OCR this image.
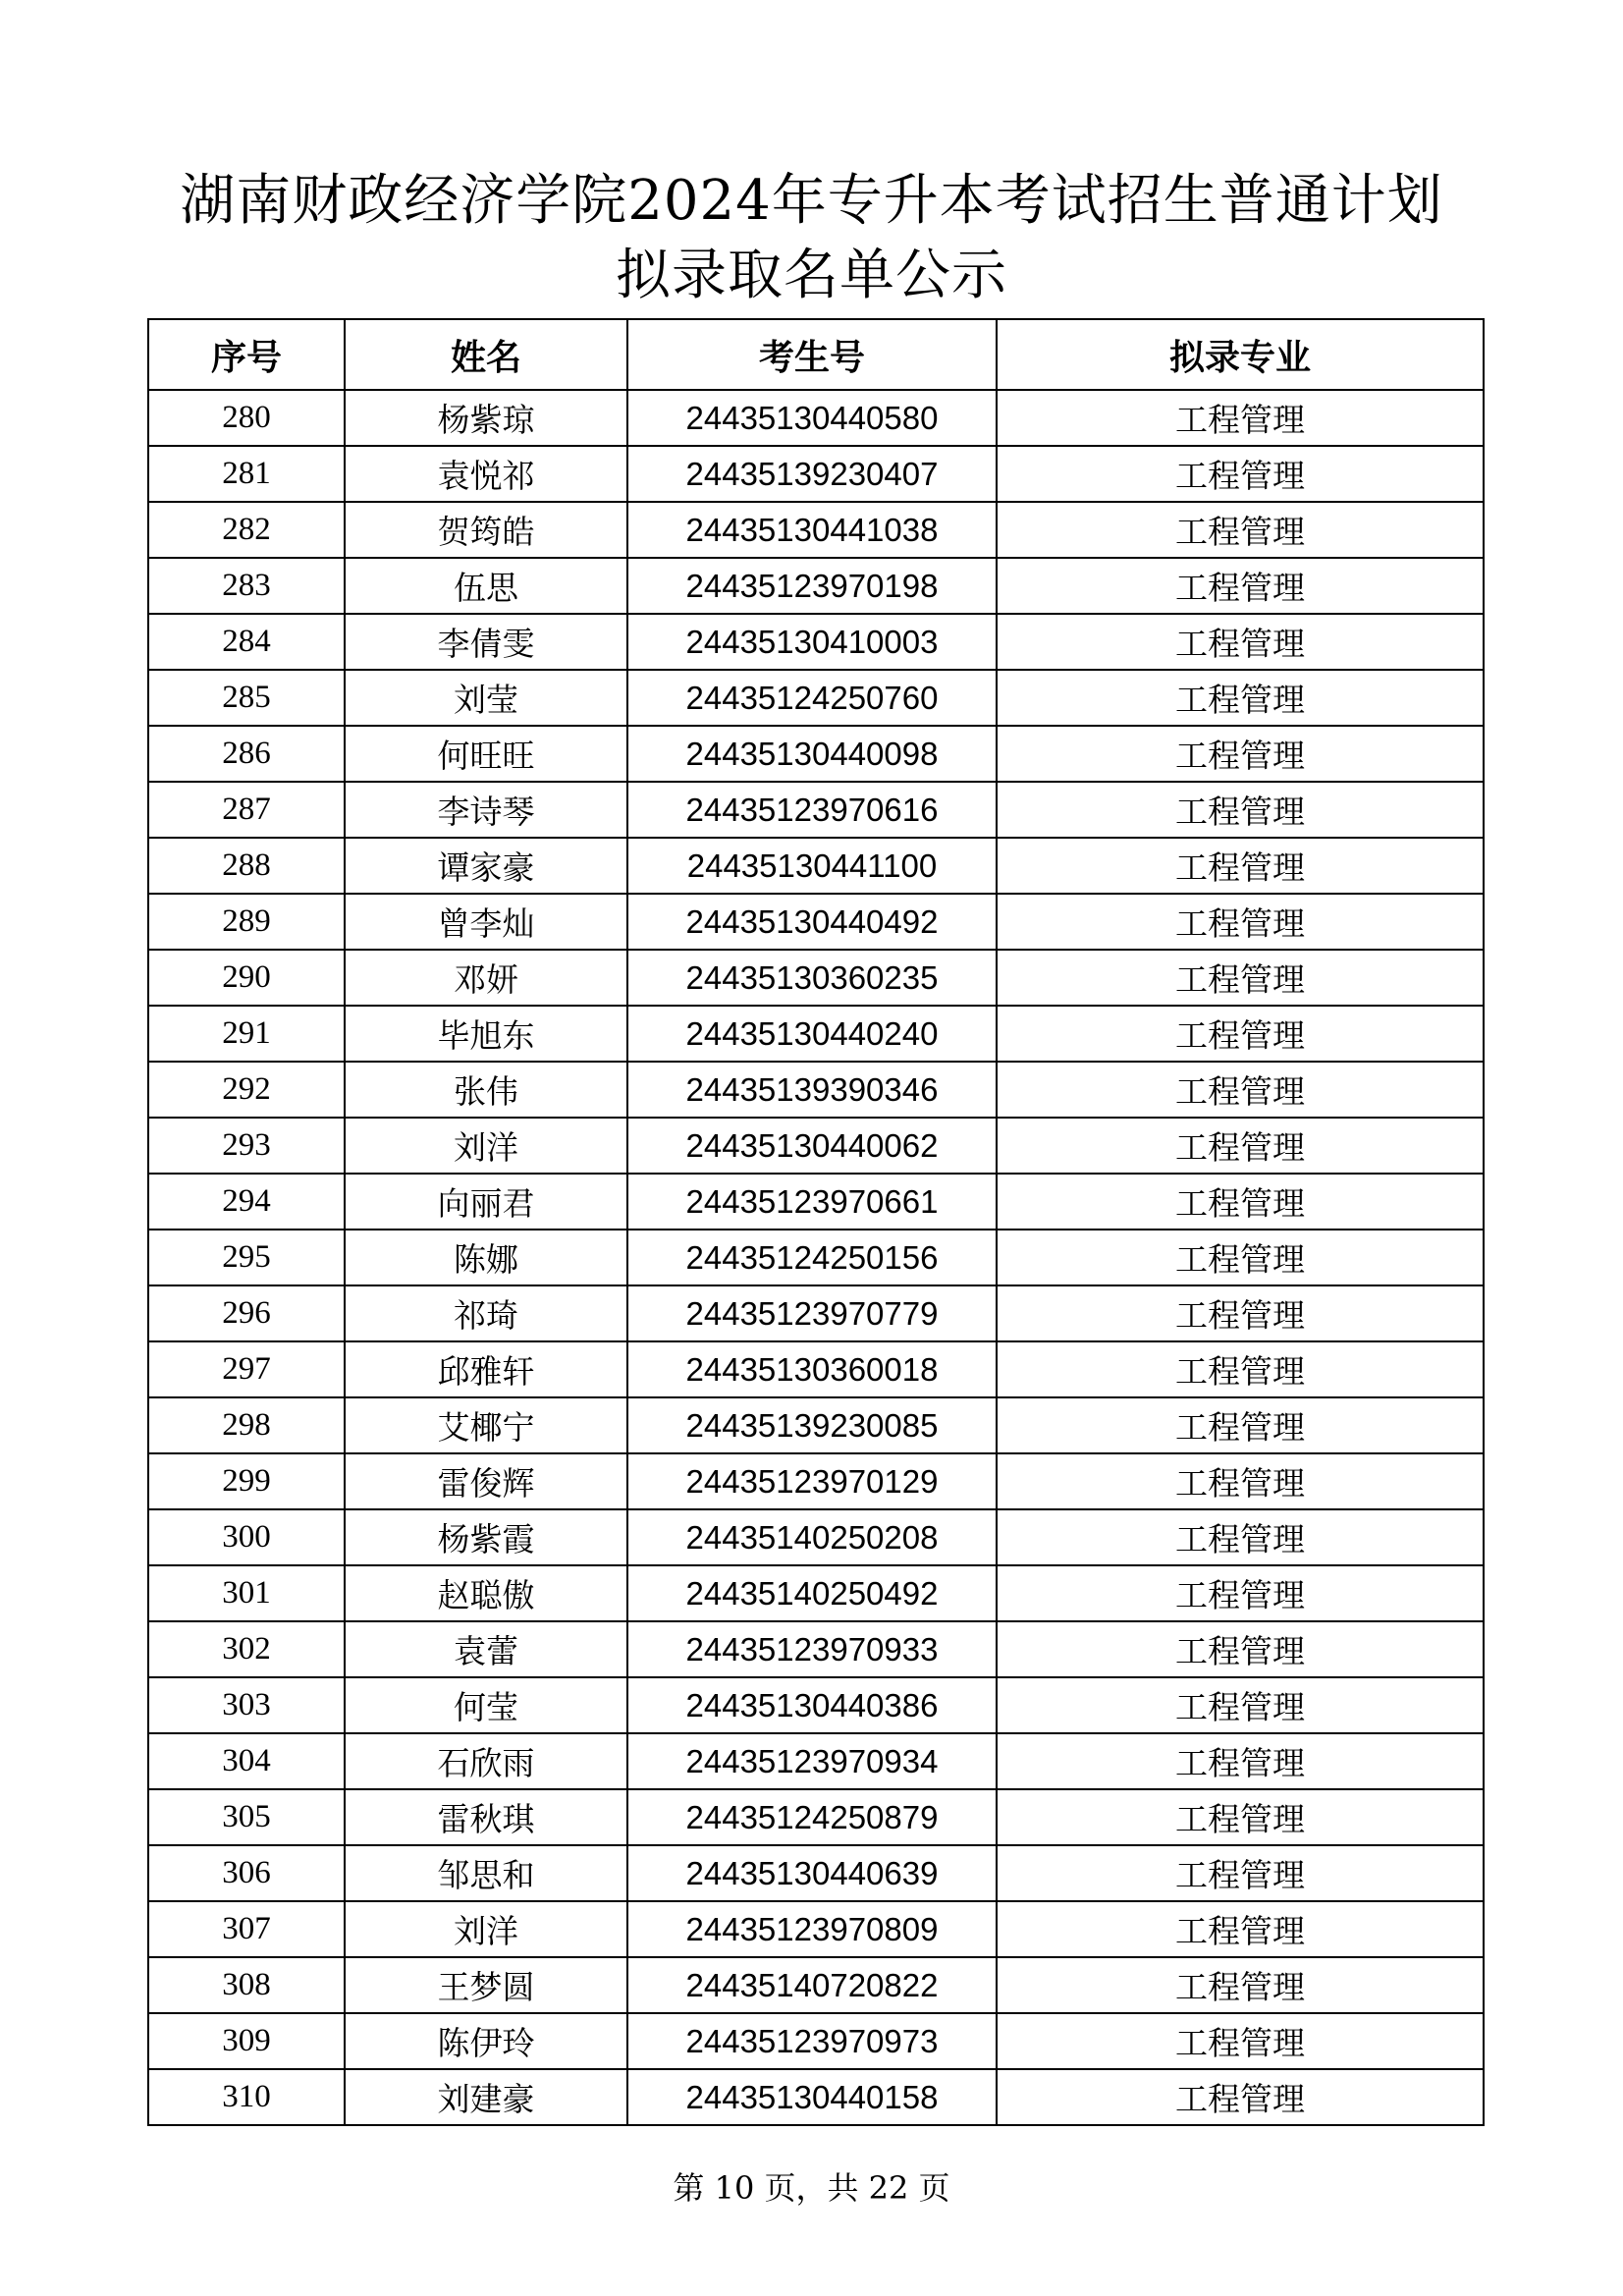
湖南财政经济学院2024年专升本考试招生普通计划
拟录取名单公示
序号	姓名	考生号	拟录专业
280	杨紫琼	24435130440580	工程管理
281	袁悦祁	24435139230407	工程管理
282	贺筠皓	24435130441038	工程管理
283	伍思	24435123970198	工程管理
284	李倩雯	24435130410003	工程管理
285	刘莹	24435124250760	工程管理
286	何旺旺	24435130440098	工程管理
287	李诗琴	24435123970616	工程管理
288	谭家豪	24435130441100	工程管理
289	曾李灿	24435130440492	工程管理
290	邓妍	24435130360235	工程管理
291	毕旭东	24435130440240	工程管理
292	张伟	24435139390346	工程管理
293	刘洋	24435130440062	工程管理
294	向丽君	24435123970661	工程管理
295	陈娜	24435124250156	工程管理
296	祁琦	24435123970779	工程管理
297	邱雅轩	24435130360018	工程管理
298	艾椰宁	24435139230085	工程管理
299	雷俊辉	24435123970129	工程管理
300	杨紫霞	24435140250208	工程管理
301	赵聪傲	24435140250492	工程管理
302	袁蕾	24435123970933	工程管理
303	何莹	24435130440386	工程管理
304	石欣雨	24435123970934	工程管理
305	雷秋琪	24435124250879	工程管理
306	邹思和	24435130440639	工程管理
307	刘洋	24435123970809	工程管理
308	王梦圆	24435140720822	工程管理
309	陈伊玲	24435123970973	工程管理
310	刘建豪	24435130440158	工程管理
第 10 页，共 22 页
